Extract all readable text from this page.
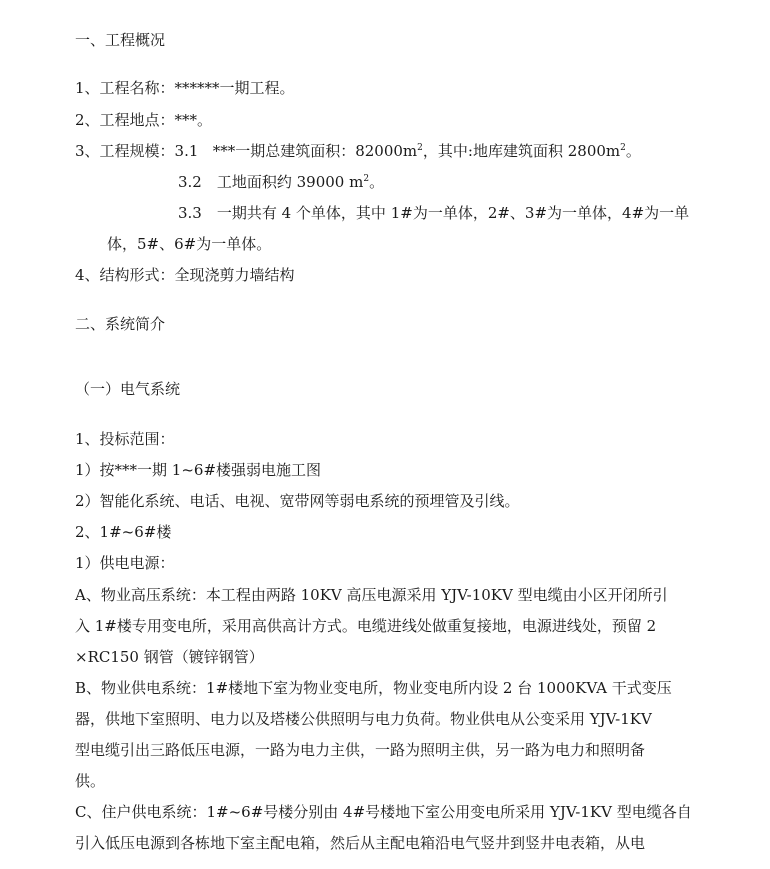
一、工程概况
1、工程名称：******一期工程。
2、工程地点：***。
3、工程规模：3.1 ***一期总建筑面积：$82000m^2$，其中:地库建筑面积 $2800m^2$。
3.2　工地面积约 39000 $m^2$。
3.3　一期共有 4 个单体，其中 1#为一单体，2#、3#为一单体，4#为一单
体，5#、6#为一单体。
4、结构形式：全现浇剪力墙结构
二、系统简介
（一）电气系统
1、投标范围：
1）按***一期 1~6#楼强弱电施工图
2）智能化系统、电话、电视、宽带网等弱电系统的预埋管及引线。
2、1#~6#楼
1）供电电源：
A、物业高压系统：本工程由两路 10KV 高压电源采用 YJV-10KV 型电缆由小区开闭所引
入 1#楼专用变电所，采用高供高计方式。电缆进线处做重复接地，电源进线处，预留 2
×RC150 钢管（镀锌钢管）
B、物业供电系统：1#楼地下室为物业变电所，物业变电所内设 2 台 1000KVA 干式变压
器，供地下室照明、电力以及塔楼公供照明与电力负荷。物业供电从公变采用 YJV-1KV
型电缆引出三路低压电源，一路为电力主供，一路为照明主供，另一路为电力和照明备
供。
C、住户供电系统：1#~6#号楼分别由 4#号楼地下室公用变电所采用 YJV-1KV 型电缆各自
引入低压电源到各栋地下室主配电箱，然后从主配电箱沿电气竖井到竖井电表箱，从电
